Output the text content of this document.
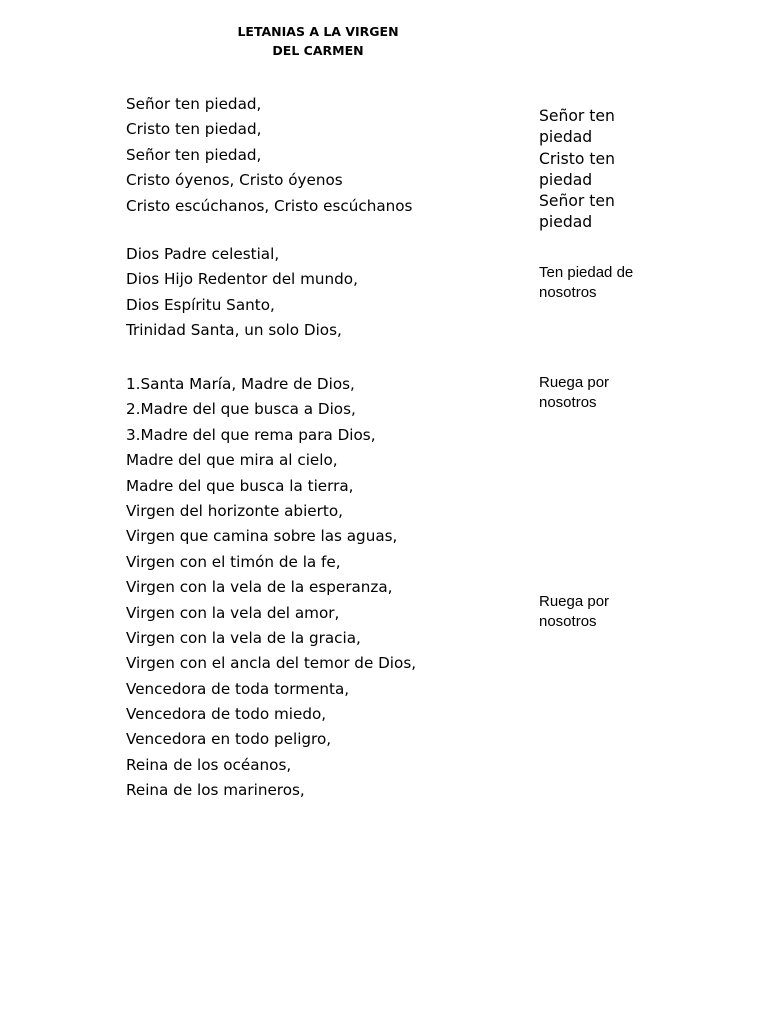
LETANIAS A LA VIRGEN
DEL CARMEN
Señor ten piedad,
Cristo ten piedad,
Señor ten piedad,
Cristo óyenos, Cristo óyenos
Cristo escúchanos, Cristo escúchanos
Dios Padre celestial,
Dios Hijo Redentor del mundo,
Dios Espíritu Santo,
Trinidad Santa, un solo Dios,
1.Santa María, Madre de Dios,
2.Madre del que busca a Dios,
3.Madre del que rema para Dios,
Madre del que mira al cielo,
Madre del que busca la tierra,
Virgen del horizonte abierto,
Virgen que camina sobre las aguas,
Virgen con el timón de la fe,
Virgen con la vela de la esperanza,
Virgen con la vela del amor,
Virgen con la vela de la gracia,
Virgen con el ancla del temor de Dios,
Vencedora de toda tormenta,
Vencedora de todo miedo,
Vencedora en todo peligro,
Reina de los océanos,
Reina de los marineros,
Señor ten
piedad
Cristo ten
piedad
Señor ten
piedad
Ten piedad de
nosotros
Ruega por
nosotros
Ruega por
nosotros
